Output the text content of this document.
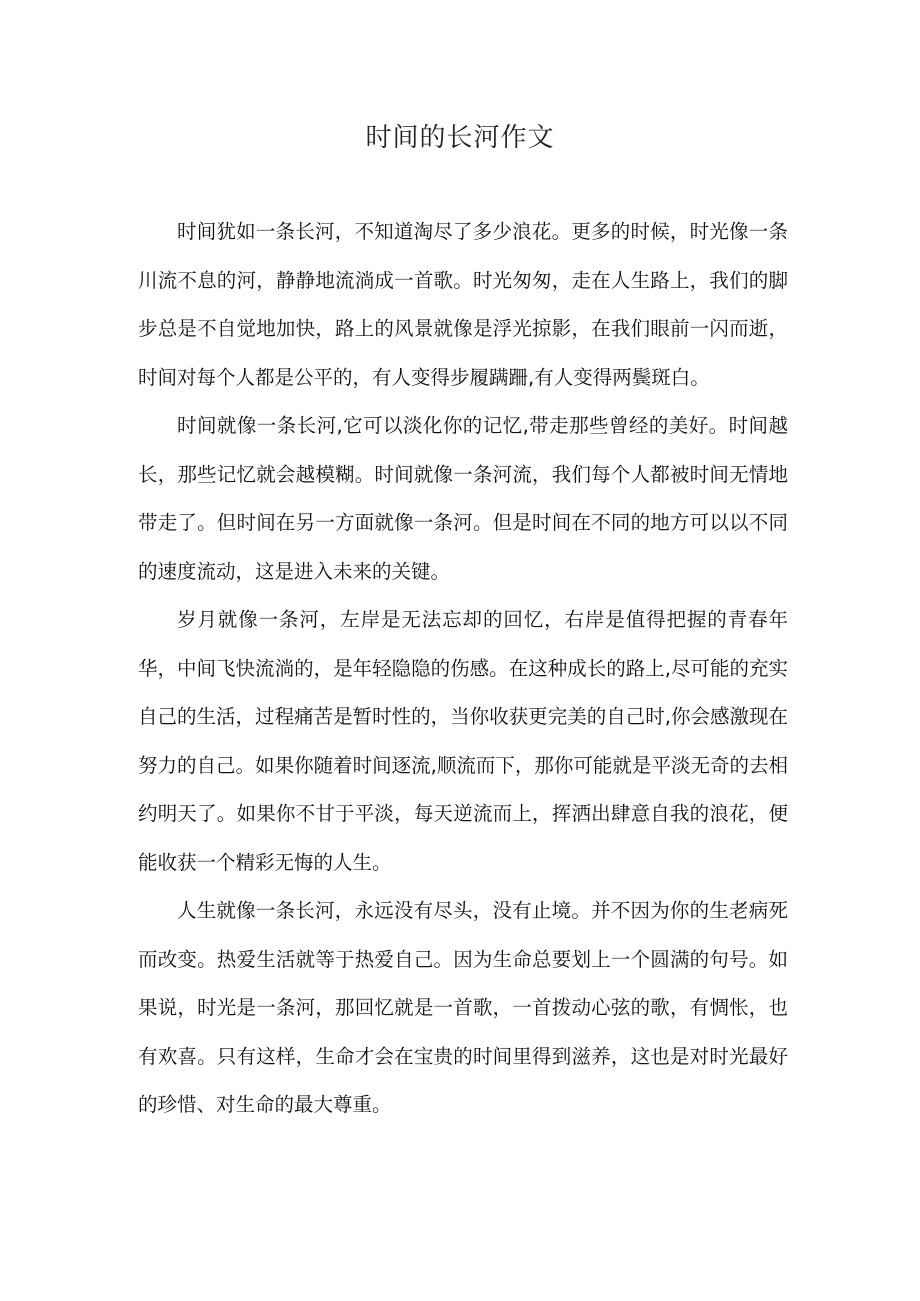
时间的长河作文

时间犹如一条长河，不知道淘尽了多少浪花。更多的时候，时光像一条川流不息的河，静静地流淌成一首歌。时光匆匆，走在人生路上，我们的脚步总是不自觉地加快，路上的风景就像是浮光掠影，在我们眼前一闪而逝，时间对每个人都是公平的，有人变得步履蹒跚,有人变得两鬓斑白。

时间就像一条长河,它可以淡化你的记忆,带走那些曾经的美好。时间越长，那些记忆就会越模糊。时间就像一条河流，我们每个人都被时间无情地带走了。但时间在另一方面就像一条河。但是时间在不同的地方可以以不同的速度流动，这是进入未来的关键。

岁月就像一条河，左岸是无法忘却的回忆，右岸是值得把握的青春年华，中间飞快流淌的，是年轻隐隐的伤感。在这种成长的路上,尽可能的充实自己的生活，过程痛苦是暂时性的，当你收获更完美的自己时,你会感激现在努力的自己。如果你随着时间逐流,顺流而下，那你可能就是平淡无奇的去相约明天了。如果你不甘于平淡，每天逆流而上，挥洒出肆意自我的浪花，便能收获一个精彩无悔的人生。

人生就像一条长河，永远没有尽头，没有止境。并不因为你的生老病死而改变。热爱生活就等于热爱自己。因为生命总要划上一个圆满的句号。如果说，时光是一条河，那回忆就是一首歌，一首拨动心弦的歌，有惆怅，也有欢喜。只有这样，生命才会在宝贵的时间里得到滋养，这也是对时光最好的珍惜、对生命的最大尊重。
